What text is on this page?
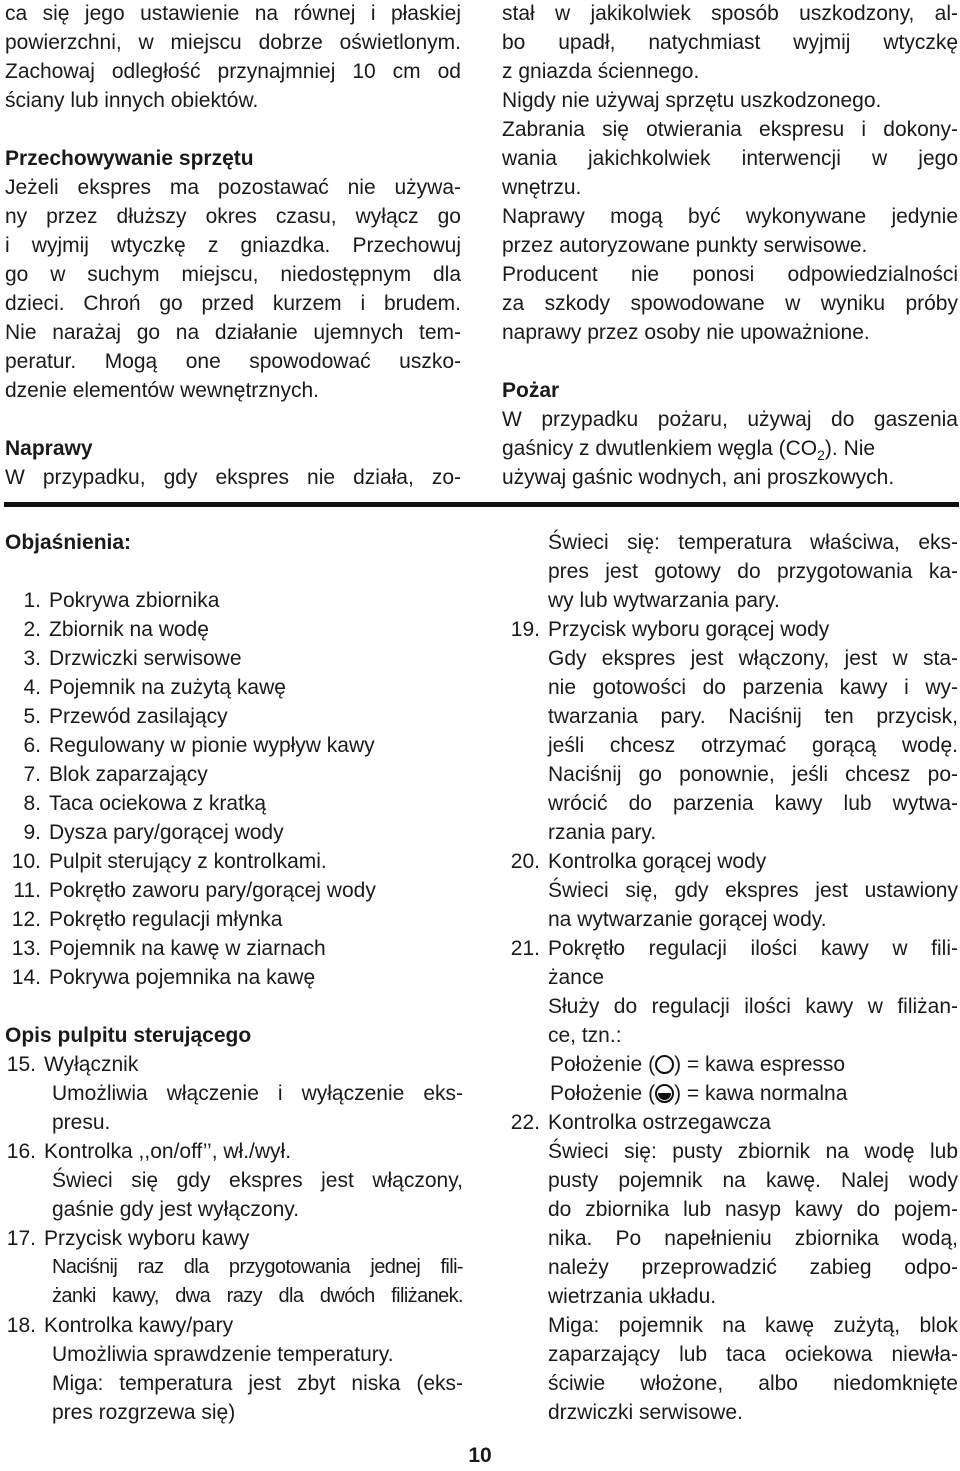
ca się jego ustawienie na równej i płaskiej
powierzchni, w miejscu dobrze oświetlonym.
Zachowaj odległość przynajmniej 10 cm od
ściany lub innych obiektów.
Przechowywanie sprzętu
Jeżeli ekspres ma pozostawać nie używa-
ny przez dłuższy okres czasu, wyłącz go
i wyjmij wtyczkę z gniazdka. Przechowuj
go w suchym miejscu, niedostępnym dla
dzieci. Chroń go przed kurzem i brudem.
Nie narażaj go na działanie ujemnych tem-
peratur. Mogą one spowodować uszko-
dzenie elementów wewnętrznych.
Naprawy
W przypadku, gdy ekspres nie działa, zo-
stał w jakikolwiek sposób uszkodzony, al-
bo upadł, natychmiast wyjmij wtyczkę
z gniazda ściennego.
Nigdy nie używaj sprzętu uszkodzonego.
Zabrania się otwierania ekspresu i dokony-
wania jakichkolwiek interwencji w jego
wnętrzu.
Naprawy mogą być wykonywane jedynie
przez autoryzowane punkty serwisowe.
Producent nie ponosi odpowiedzialności
za szkody spowodowane w wyniku próby
naprawy przez osoby nie upoważnione.
Pożar
W przypadku pożaru, używaj do gaszenia
gaśnicy z dwutlenkiem węgla $(CO_2)$. Nie
używaj gaśnic wodnych, ani proszkowych.
Objaśnienia:
1. Pokrywa zbiornika
2. Zbiornik na wodę
3. Drzwiczki serwisowe
4. Pojemnik na zużytą kawę
5. Przewód zasilający
6. Regulowany w pionie wypływ kawy
7. Blok zaparzający
8. Taca ociekowa z kratką
9. Dysza pary/gorącej wody
10. Pulpit sterujący z kontrolkami.
11. Pokrętło zaworu pary/gorącej wody
12. Pokrętło regulacji młynka
13. Pojemnik na kawę w ziarnach
14. Pokrywa pojemnika na kawę
Opis pulpitu sterującego
15. Wyłącznik
Umożliwia włączenie i wyłączenie eks-
presu.
16. Kontrolka ,,on/off’’, wł./wył.
Świeci się gdy ekspres jest włączony,
gaśnie gdy jest wyłączony.
17. Przycisk wyboru kawy
Naciśnij raz dla przygotowania jednej fili-
żanki kawy, dwa razy dla dwóch filiżanek.
18. Kontrolka kawy/pary
Umożliwia sprawdzenie temperatury.
Miga: temperatura jest zbyt niska (eks-
pres rozgrzewa się)
Świeci się: temperatura właściwa, eks-
pres jest gotowy do przygotowania ka-
wy lub wytwarzania pary.
19. Przycisk wyboru gorącej wody
Gdy ekspres jest włączony, jest w sta-
nie gotowości do parzenia kawy i wy-
twarzania pary. Naciśnij ten przycisk,
jeśli chcesz otrzymać gorącą wodę.
Naciśnij go ponownie, jeśli chcesz po-
wrócić do parzenia kawy lub wytwa-
rzania pary.
20. Kontrolka gorącej wody
Świeci się, gdy ekspres jest ustawiony
na wytwarzanie gorącej wody.
21. Pokrętło regulacji ilości kawy w fili-
żance
Służy do regulacji ilości kawy w filiżan-
ce, tzn.:
Położenie ( ) = kawa espresso
Położenie ( ) = kawa normalna
22. Kontrolka ostrzegawcza
Świeci się: pusty zbiornik na wodę lub
pusty pojemnik na kawę. Nalej wody
do zbiornika lub nasyp kawy do pojem-
nika. Po napełnieniu zbiornika wodą,
należy przeprowadzić zabieg odpo-
wietrzania układu.
Miga: pojemnik na kawę zużytą, blok
zaparzający lub taca ociekowa niewła-
ściwie włożone, albo niedomknięte
drzwiczki serwisowe.
10
